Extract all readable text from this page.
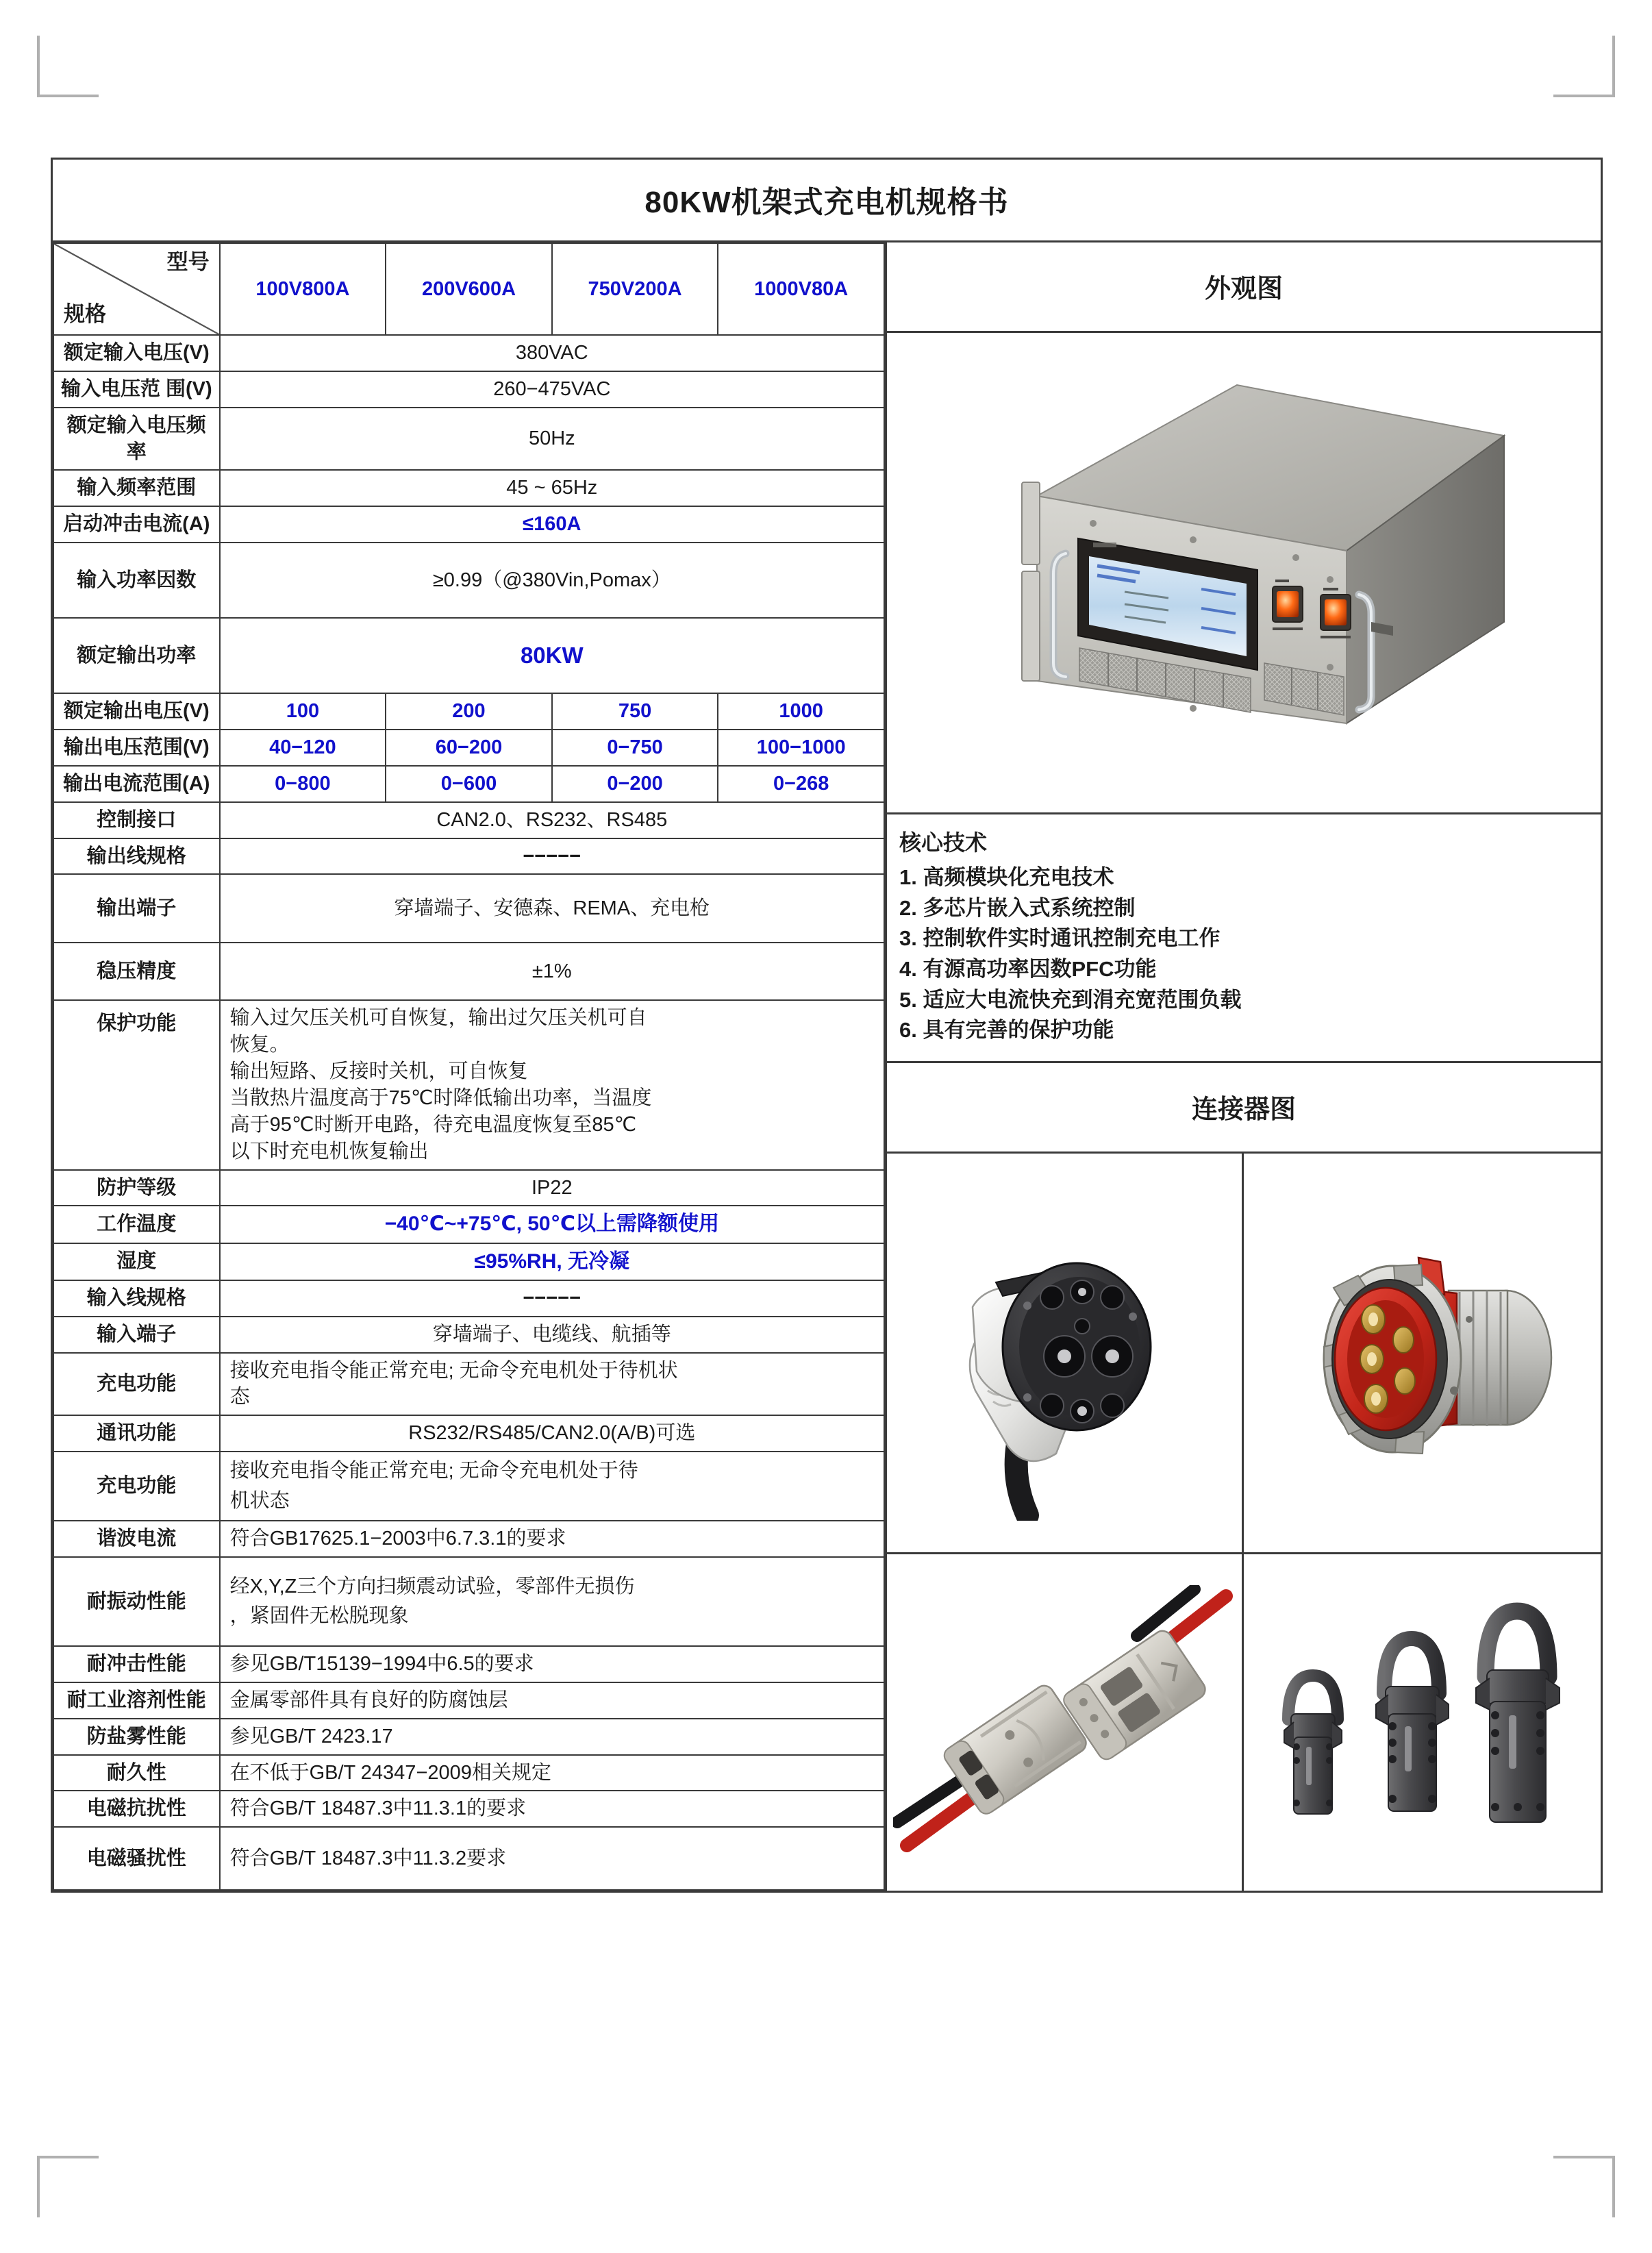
80KW机架式充电机规格书
型号
规格	100V800A	200V600A	750V200A	1000V80A
额定输入电压(V)	380VAC			
输入电压范 围(V)	260−475VAC			
额定输入电压频率	50Hz			
输入频率范围	45 ~ 65Hz			
启动冲击电流(A)	≤160A			
输入功率因数	≥0.99（@380Vin,Pomax）			
额定输出功率	80KW			
额定输出电压(V)	100	200	750	1000
输出电压范围(V)	40−120	60−200	0−750	100−1000
输出电流范围(A)	0−800	0−600	0−200	0−268
控制接口	CAN2.0、RS232、RS485			
输出线规格	−−−−−			
输出端子	穿墙端子、安德森、REMA、充电枪			
稳压精度	±1%			
保护功能	输入过欠压关机可自恢复，输出过欠压关机可自
恢复。
输出短路、反接时关机，可自恢复
当散热片温度高于75℃时降低输出功率，当温度
高于95℃时断开电路，待充电温度恢复至85℃
以下时充电机恢复输出

防护等级	IP22			
工作温度	−40℃~+75℃, 50℃以上需降额使用			
湿度	≤95%RH, 无冷凝			
输入线规格	−−−−−			
输入端子	穿墙端子、电缆线、航插等			
充电功能	接收充电指令能正常充电; 无命令充电机处于待机状
态			

通讯功能	RS232/RS485/CAN2.0(A/B)可选			
充电功能	接收充电指令能正常充电; 无命令充电机处于待
机状态			

谐波电流	符合GB17625.1−2003中6.7.3.1的要求			
耐振动性能	经X,Y,Z三个方向扫频震动试验，零部件无损伤
，紧固件无松脱现象			

耐冲击性能	参见GB/T15139−1994中6.5的要求			
耐工业溶剂性能	金属零部件具有良好的防腐蚀层			
防盐雾性能	参见GB/T 2423.17			
耐久性	在不低于GB/T 24347−2009相关规定			
电磁抗扰性	符合GB/T 18487.3中11.3.1的要求			
电磁骚扰性	符合GB/T 18487.3中11.3.2要求			
外观图
核心技术
1. 高频模块化充电技术
2. 多芯片嵌入式系统控制
3. 控制软件实时通讯控制充电工作
4. 有源高功率因数PFC功能
5. 适应大电流快充到涓充宽范围负载
6. 具有完善的保护功能
连接器图
